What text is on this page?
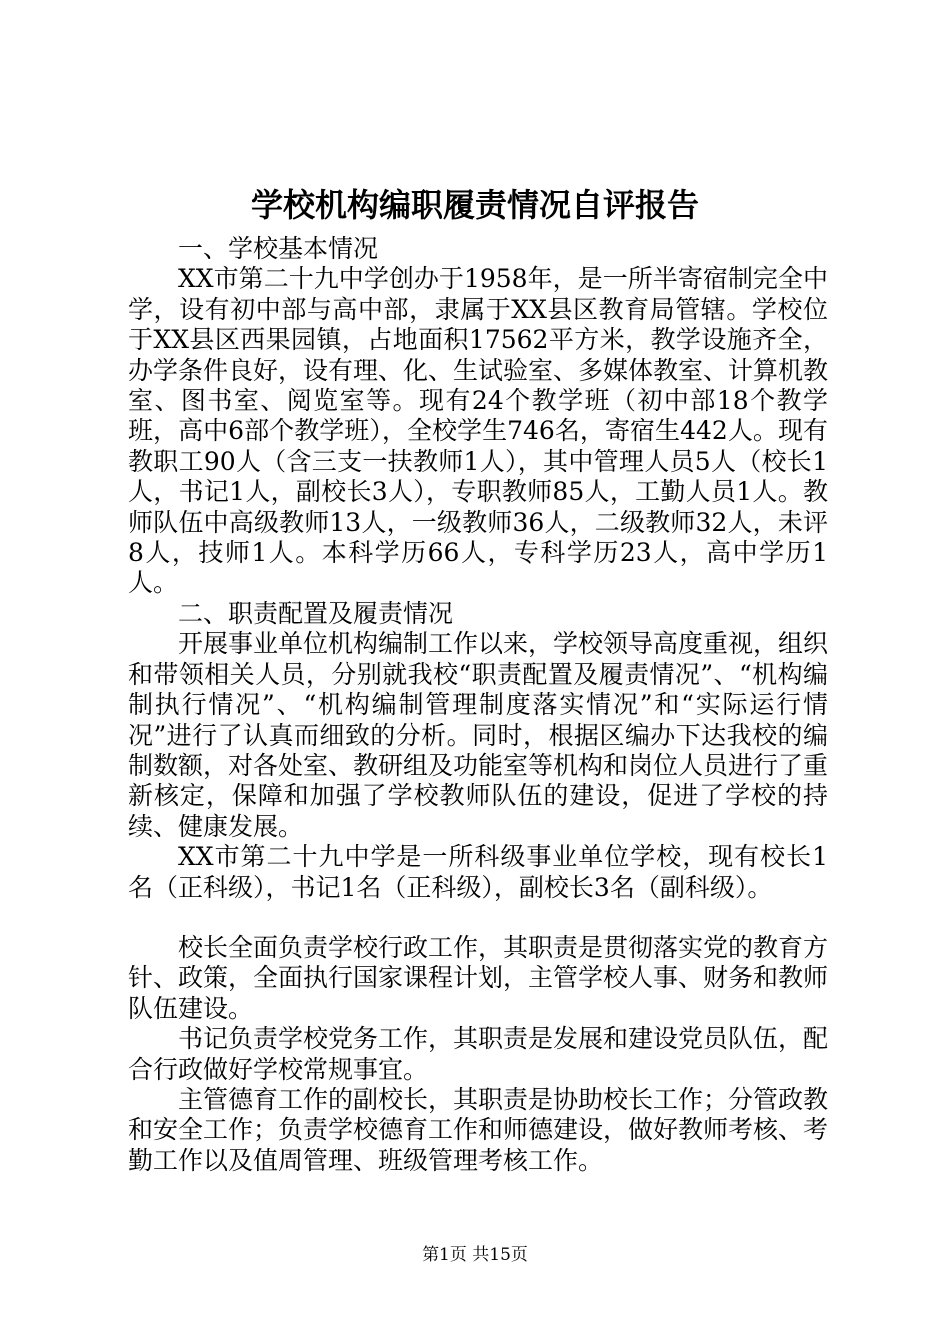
学校机构编职履责情况自评报告

一、学校基本情况

XX市第二十九中学创办于1958年，是一所半寄宿制完全中学，设有初中部与高中部，隶属于XX县区教育局管辖。学校位于XX县区西果园镇，占地面积17562平方米，教学设施齐全，办学条件良好，设有理、化、生试验室、多媒体教室、计算机教室、图书室、阅览室等。现有24个教学班（初中部18个教学班，高中6部个教学班），全校学生746名，寄宿生442人。现有教职工90人（含三支一扶教师1人），其中管理人员5人（校长1人，书记1人，副校长3人），专职教师85人，工勤人员1人。教师队伍中高级教师13人，一级教师36人，二级教师32人，未评8人，技师1人。本科学历66人，专科学历23人，高中学历1人。

二、职责配置及履责情况

开展事业单位机构编制工作以来，学校领导高度重视，组织和带领相关人员，分别就我校“职责配置及履责情况”、“机构编制执行情况”、“机构编制管理制度落实情况”和“实际运行情况”进行了认真而细致的分析。同时，根据区编办下达我校的编制数额，对各处室、教研组及功能室等机构和岗位人员进行了重新核定，保障和加强了学校教师队伍的建设，促进了学校的持续、健康发展。

XX市第二十九中学是一所科级事业单位学校，现有校长1名（正科级），书记1名（正科级），副校长3名（副科级）。

校长全面负责学校行政工作，其职责是贯彻落实党的教育方针、政策，全面执行国家课程计划，主管学校人事、财务和教师队伍建设。

书记负责学校党务工作，其职责是发展和建设党员队伍，配合行政做好学校常规事宜。

主管德育工作的副校长，其职责是协助校长工作；分管政教和安全工作；负责学校德育工作和师德建设，做好教师考核、考勤工作以及值周管理、班级管理考核工作。

第1页 共15页
